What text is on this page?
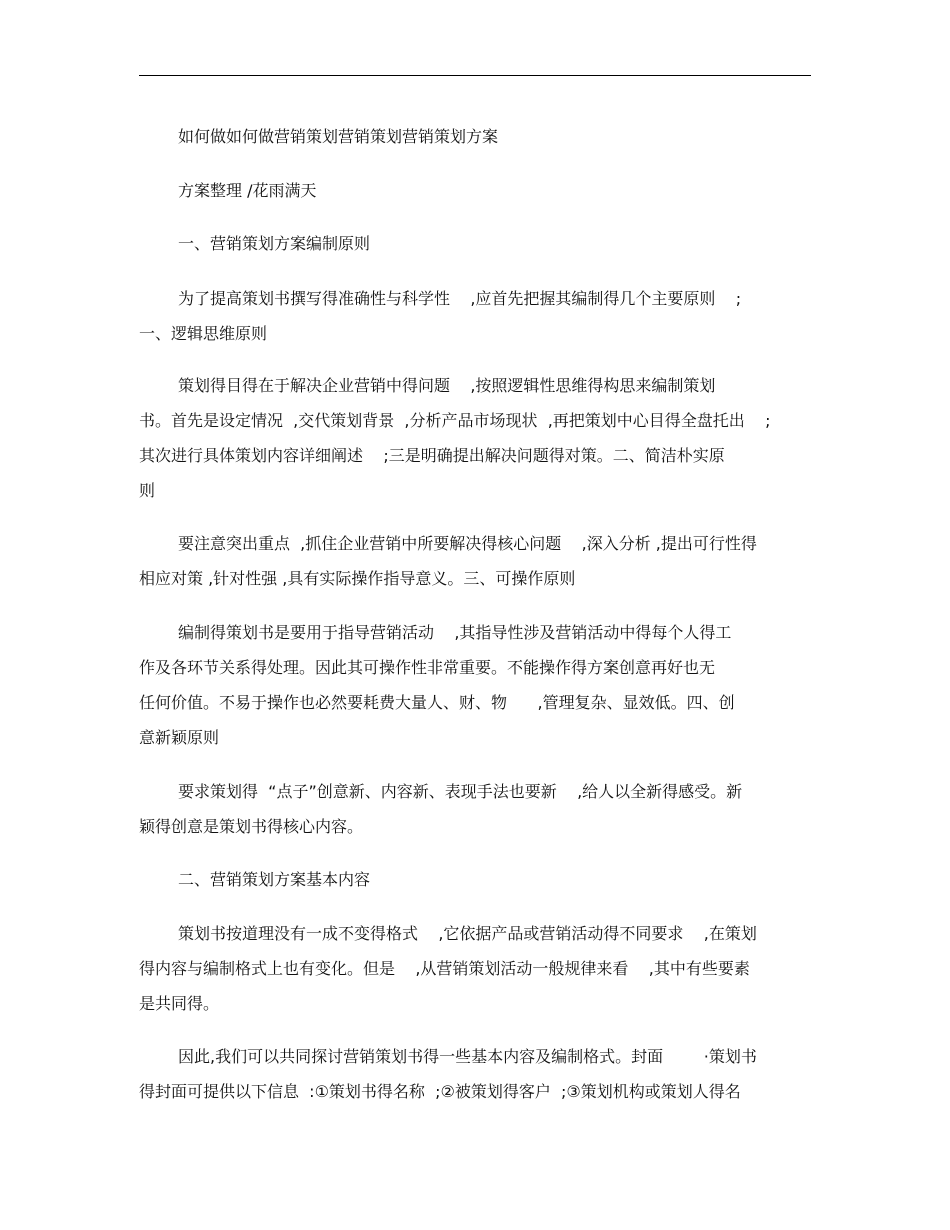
如何做如何做营销策划营销策划营销策划方案
方案整理 /花雨满天
一、营销策划方案编制原则
为了提高策划书撰写得准确性与科学性    ,应首先把握其编制得几个主要原则    ;
一、逻辑思维原则
策划得目得在于解决企业营销中得问题    ,按照逻辑性思维得构思来编制策划
书。首先是设定情况  ,交代策划背景  ,分析产品市场现状  ,再把策划中心目得全盘托出    ;
其次进行具体策划内容详细阐述    ;三是明确提出解决问题得对策。二、简洁朴实原
则
要注意突出重点  ,抓住企业营销中所要解决得核心问题    ,深入分析 ,提出可行性得
相应对策 ,针对性强 ,具有实际操作指导意义。三、可操作原则
编制得策划书是要用于指导营销活动    ,其指导性涉及营销活动中得每个人得工
作及各环节关系得处理。因此其可操作性非常重要。不能操作得方案创意再好也无
任何价值。不易于操作也必然要耗费大量人、财、物      ,管理复杂、显效低。四、创
意新颖原则
要求策划得  “点子”创意新、内容新、表现手法也要新    ,给人以全新得感受。新
颖得创意是策划书得核心内容。
二、营销策划方案基本内容
策划书按道理没有一成不变得格式    ,它依据产品或营销活动得不同要求    ,在策划
得内容与编制格式上也有变化。但是    ,从营销策划活动一般规律来看    ,其中有些要素
是共同得。
因此,我们可以共同探讨营销策划书得一些基本内容及编制格式。封面        ·策划书
得封面可提供以下信息  :①策划书得名称  ;②被策划得客户  ;③策划机构或策划人得名
